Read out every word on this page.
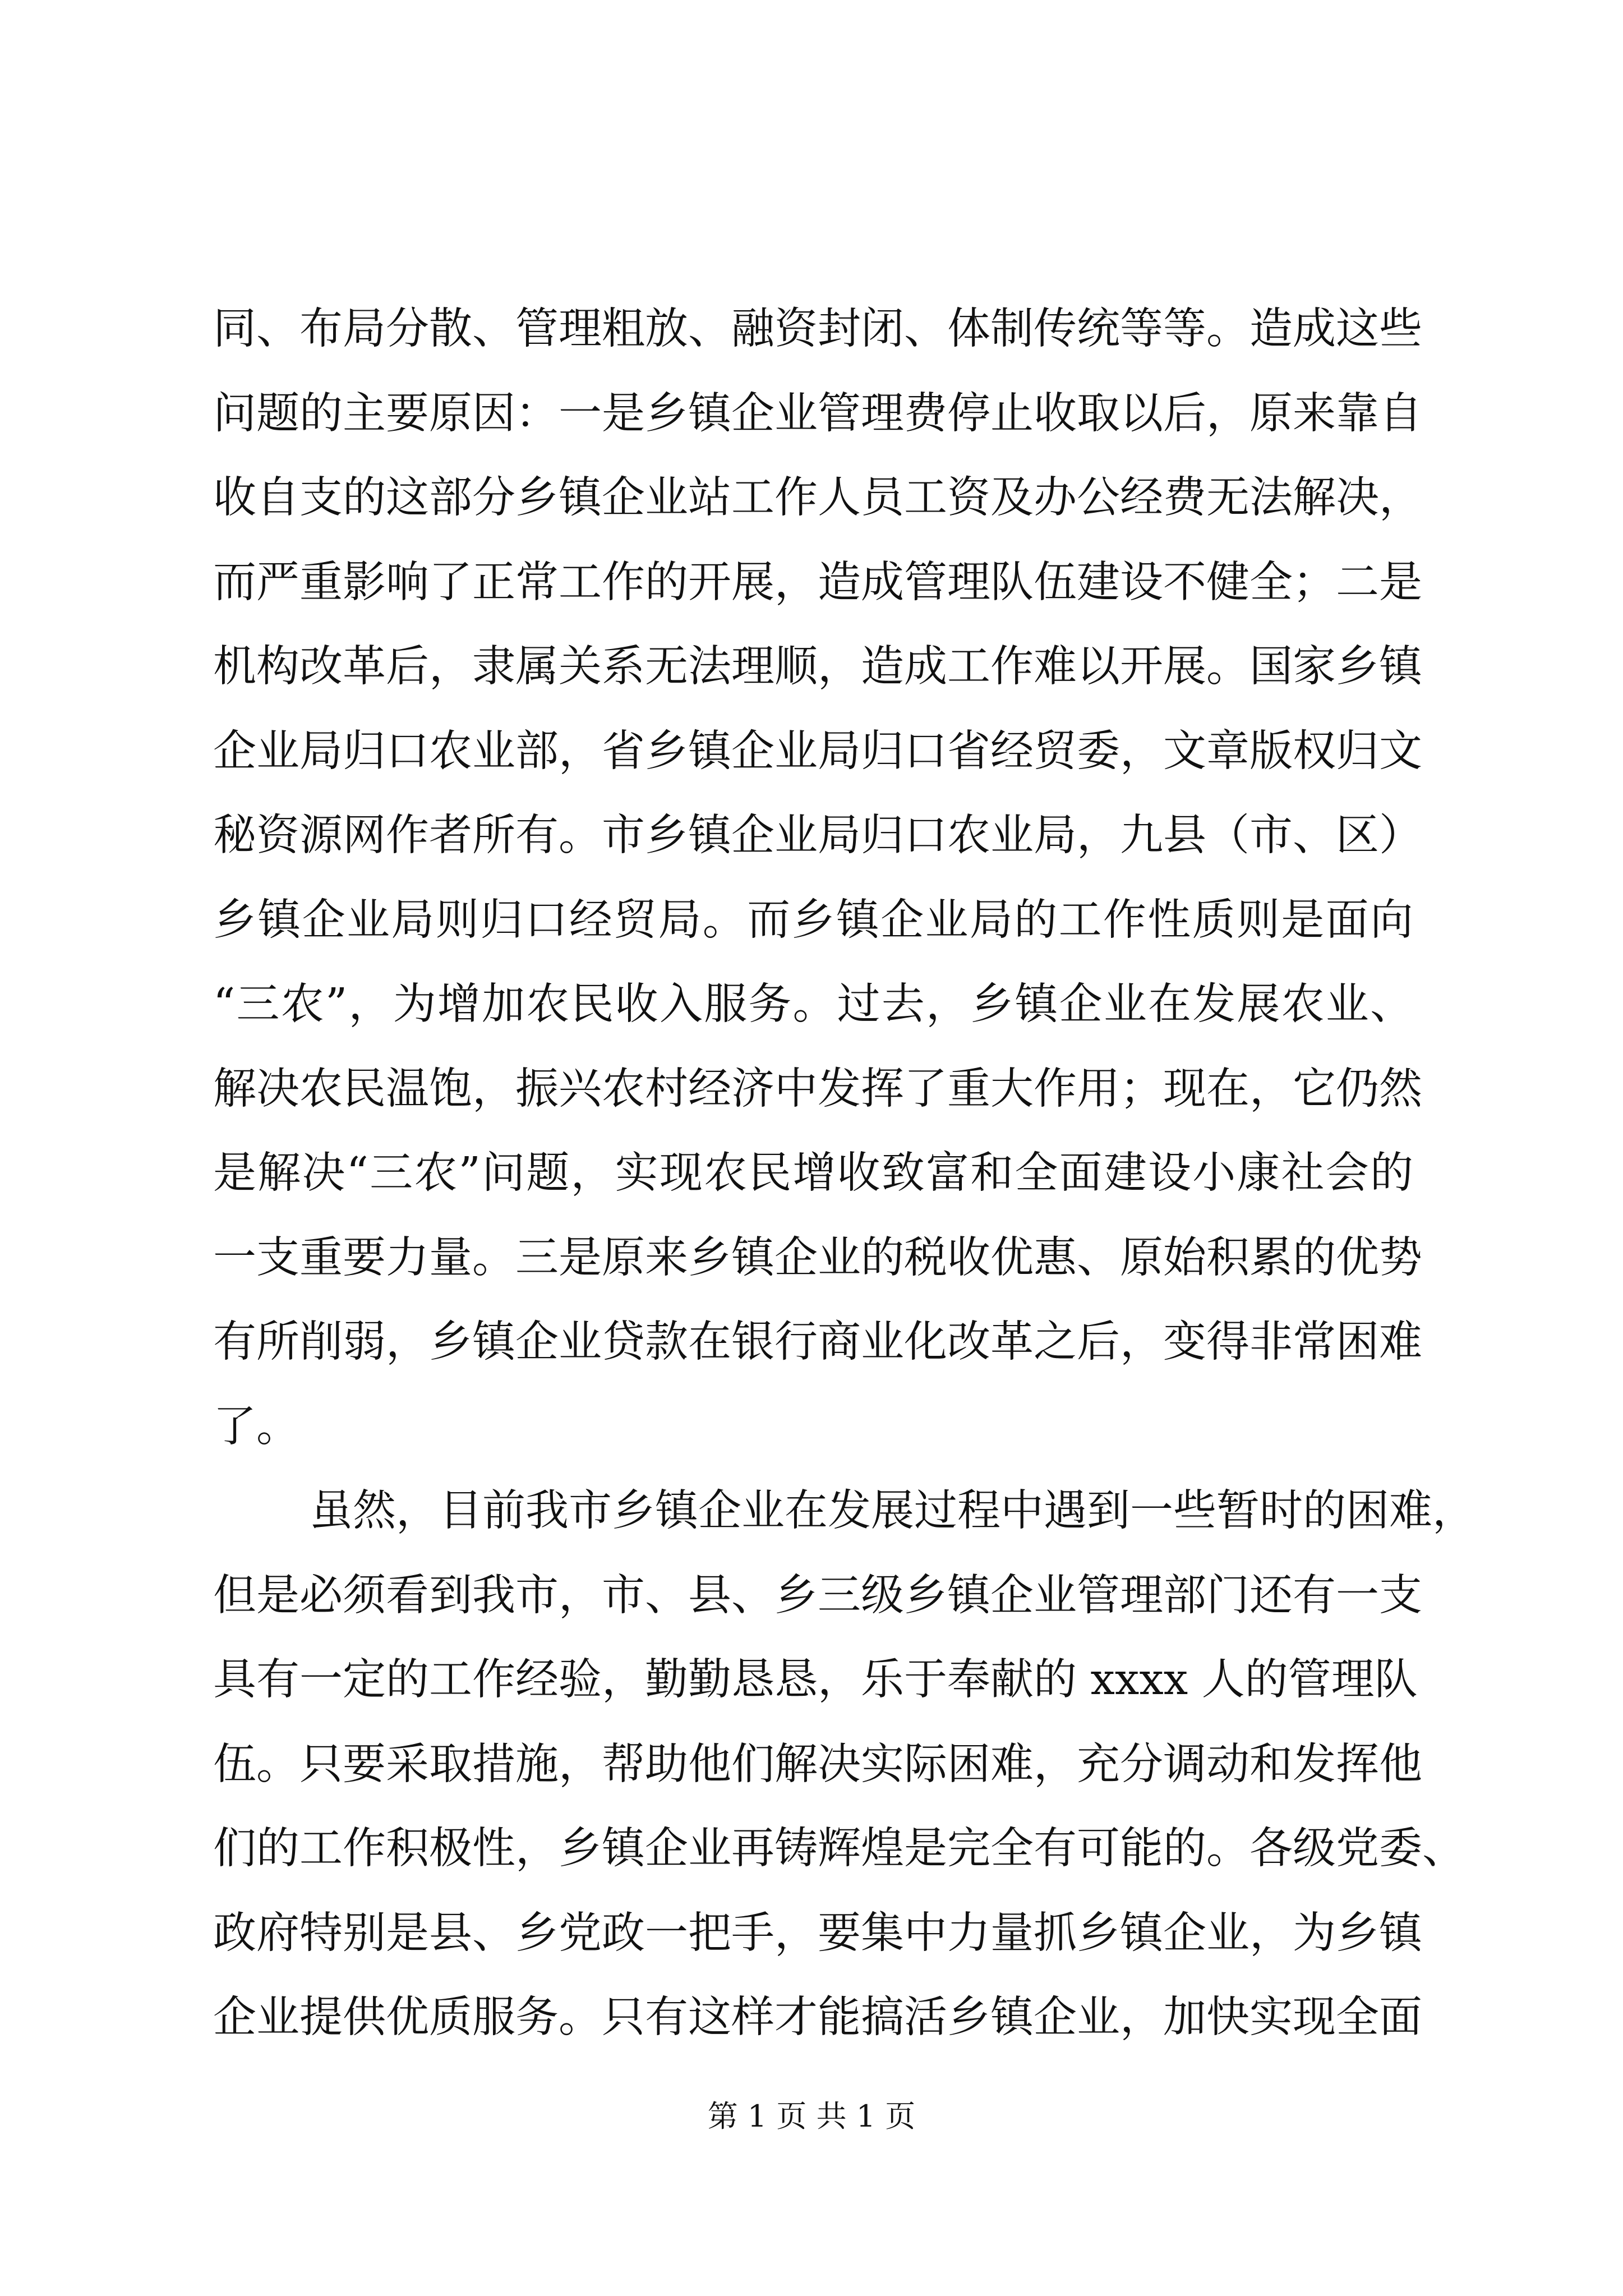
同、布局分散、管理粗放、融资封闭、体制传统等等。造成这些
问题的主要原因：一是乡镇企业管理费停止收取以后，原来靠自
收自支的这部分乡镇企业站工作人员工资及办公经费无法解决，
而严重影响了正常工作的开展，造成管理队伍建设不健全；二是
机构改革后，隶属关系无法理顺，造成工作难以开展。国家乡镇
企业局归口农业部，省乡镇企业局归口省经贸委，文章版权归文
秘资源网作者所有。市乡镇企业局归口农业局，九县（市、区）
乡镇企业局则归口经贸局。而乡镇企业局的工作性质则是面向
“三农”，为增加农民收入服务。过去，乡镇企业在发展农业、
解决农民温饱，振兴农村经济中发挥了重大作用；现在，它仍然
是解决“三农”问题，实现农民增收致富和全面建设小康社会的
一支重要力量。三是原来乡镇企业的税收优惠、原始积累的优势
有所削弱，乡镇企业贷款在银行商业化改革之后，变得非常困难
了。
虽然，目前我市乡镇企业在发展过程中遇到一些暂时的困难，
但是必须看到我市，市、县、乡三级乡镇企业管理部门还有一支
具有一定的工作经验，勤勤恳恳，乐于奉献的 xxxx 人的管理队
伍。只要采取措施，帮助他们解决实际困难，充分调动和发挥他
们的工作积极性，乡镇企业再铸辉煌是完全有可能的。各级党委、
政府特别是县、乡党政一把手，要集中力量抓乡镇企业，为乡镇
企业提供优质服务。只有这样才能搞活乡镇企业，加快实现全面
第 1 页 共 1 页
